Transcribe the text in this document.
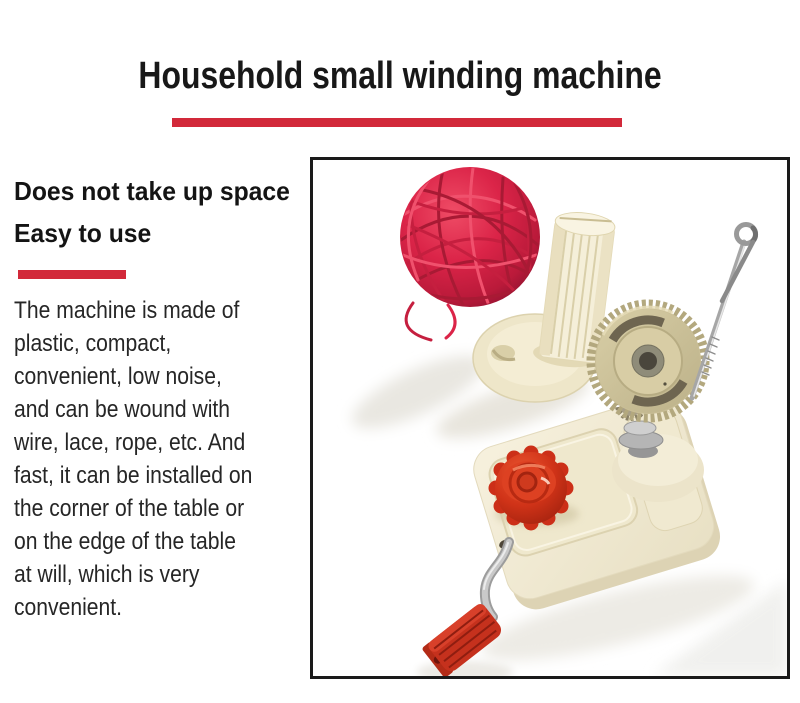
Household small winding machine
Does not take up space
Easy to use
The machine is made of
plastic, compact,
convenient, low noise,
and can be wound with
wire, lace, rope, etc. And
fast, it can be installed on
the corner of the table or
on the edge of the table
at will, which is very
convenient.
